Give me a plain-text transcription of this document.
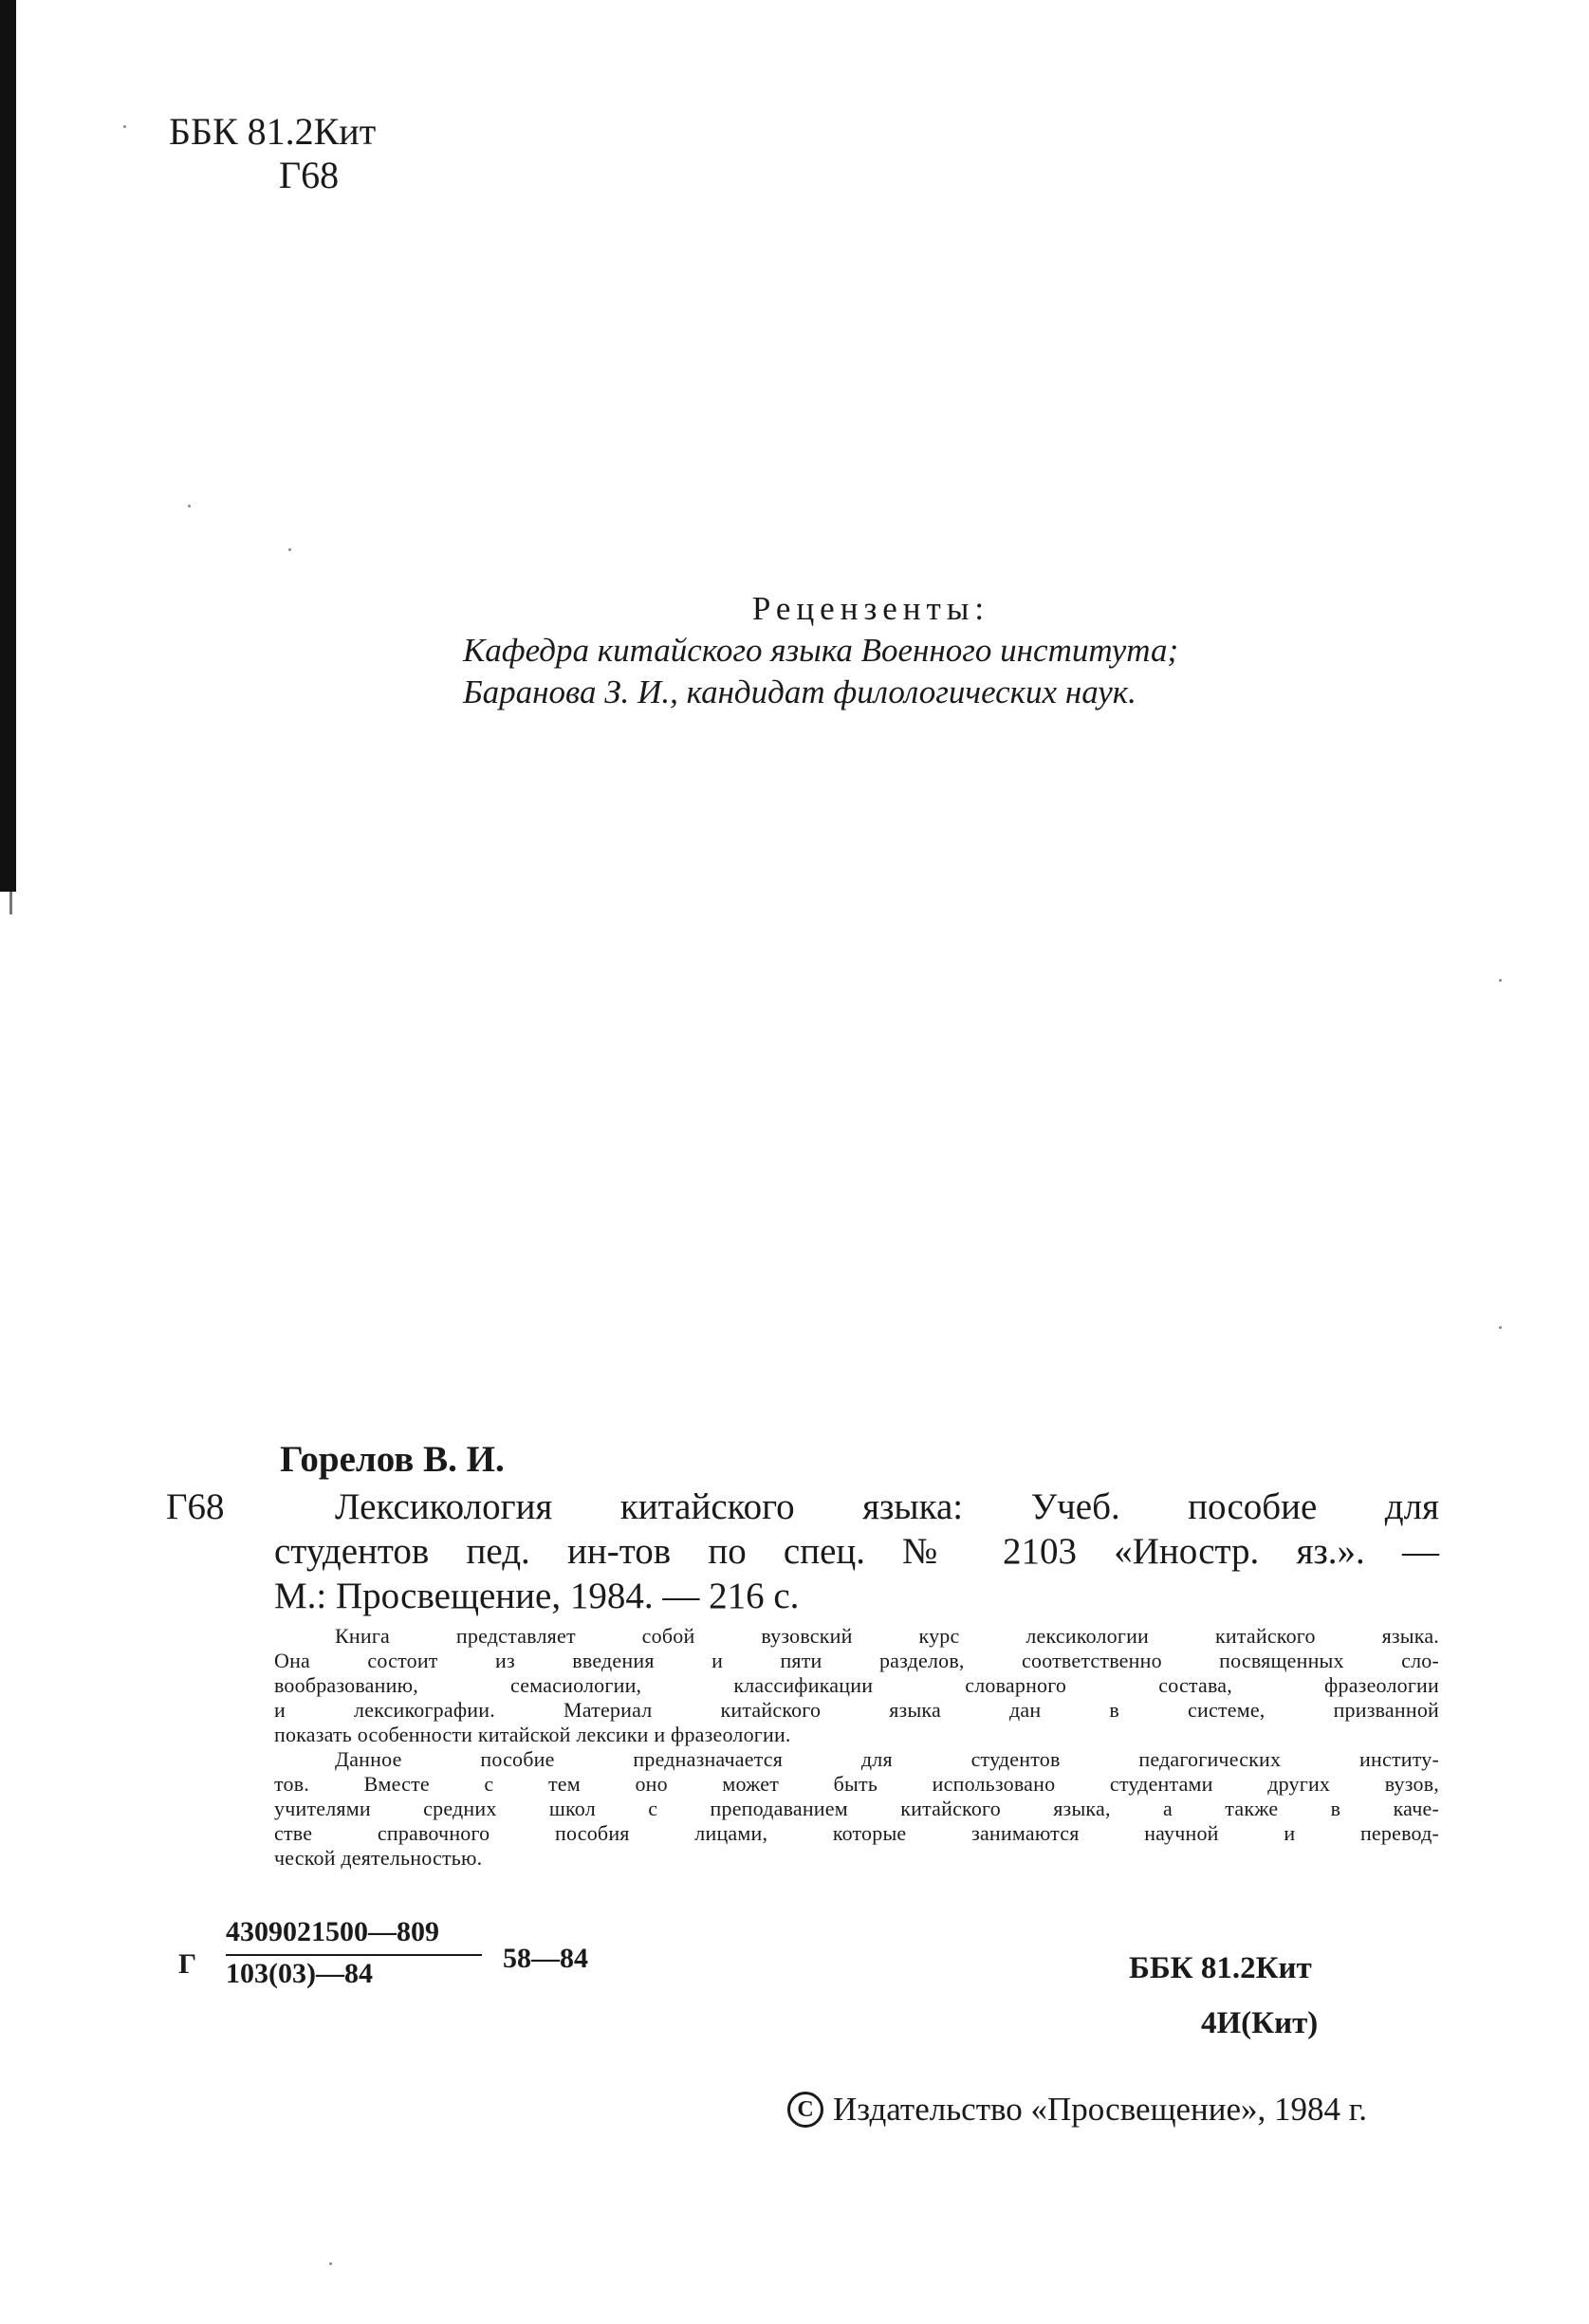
ББК 81.2Кит
Г68
Рецензенты:
Кафедра китайского языка Военного института;
Баранова З. И., кандидат филологических наук.
Горелов В. И.
Г68	Лексикология китайского языка: Учеб. пособие для
студентов пед. ин-тов по спец. № 2103 «Иностр. яз.». —
М.: Просвещение, 1984. — 216 с.

Книга представляет собой вузовский курс лексикологии китайского языка.
Она состоит из введения и пяти разделов, соответственно посвященных сло-
вообразованию, семасиологии, классификации словарного состава, фразеологии
и лексикографии. Материал китайского языка дан в системе, призванной
показать особенности китайской лексики и фразеологии.

Данное пособие предназначается для студентов педагогических институ-
тов. Вместе с тем оно может быть использовано студентами других вузов,
учителями средних школ с преподаванием китайского языка, а также в каче-
стве справочного пособия лицами, которые занимаются научной и перевод-
ческой деятельностью.

Г
4309021500—809
103(03)—84	58—84	ББК 81.2Кит
4И(Кит)
C Издательство «Просвещение», 1984 г.
